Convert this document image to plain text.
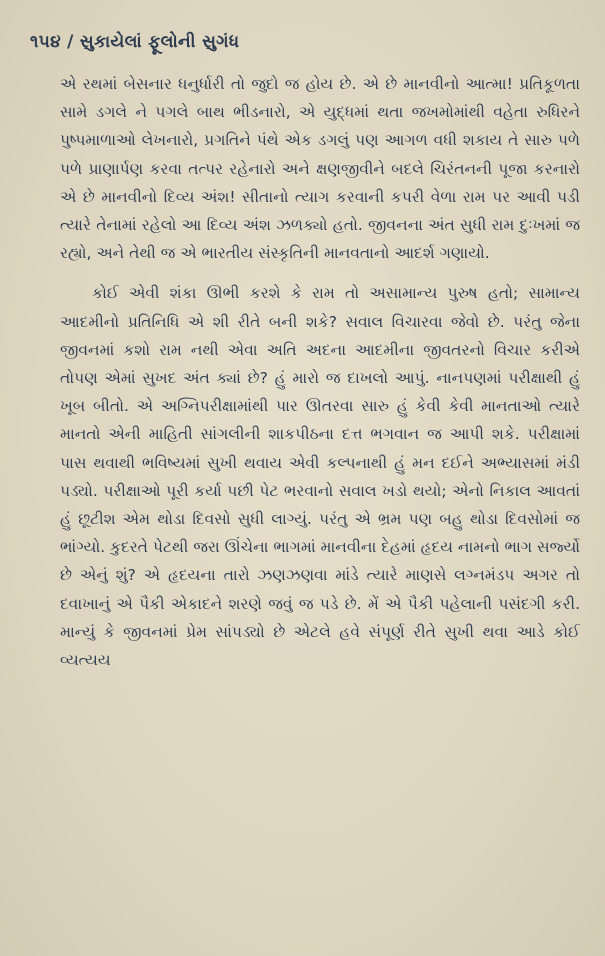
૧૫૪ / સુકાયેલાં ફૂલોની સુગંધ

એ રથમાં બેસનાર ધનુર્ધારી તો જુદો જ હોય છે. એ છે માનવીનો આત્મા! પ્રતિકૂળતા સામે ડગલે ને પગલે બાથ ભીડનારો, એ યુદ્ધમાં થતા જખમોમાંથી વહેતા રુધિરને પુષ્પમાળાઓ લેખનારો, પ્રગતિને પંથે એક ડગલું પણ આગળ વધી શકાય તે સારુ પળે પળે પ્રાણાર્પણ કરવા તત્પર રહેનારો અને ક્ષણજીવીને બદલે ચિરંતનની પૂજા કરનારો એ છે માનવીનો દિવ્ય અંશ! સીતાનો ત્યાગ કરવાની કપરી વેળા રામ પર આવી પડી ત્યારે તેનામાં રહેલો આ દિવ્ય અંશ ઝળક્યો હતો. જીવનના અંત સુધી રામ દુઃખમાં જ રહ્યો, અને તેથી જ એ ભારતીય સંસ્કૃતિની માનવતાનો આદર્શ ગણાયો.

કોઈ એવી શંકા ઊભી કરશે કે રામ તો અસામાન્ય પુરુષ હતો; સામાન્ય આદમીનો પ્રતિનિધિ એ શી રીતે બની શકે? સવાલ વિચારવા જેવો છે. પરંતુ જેના જીવનમાં કશો રામ નથી એવા અતિ અદના આદમીના જીવતરનો વિચાર કરીએ તોપણ એમાં સુખદ અંત ક્યાં છે? હું મારો જ દાખલો આપું. નાનપણમાં પરીક્ષાથી હું ખૂબ બીતો. એ અગ્નિપરીક્ષામાંથી પાર ઊતરવા સારુ હું કેવી કેવી માનતાઓ ત્યારે માનતો એની માહિતી સાંગલીની શાકપીઠના દત્ત ભગવાન જ આપી શકે. પરીક્ષામાં પાસ થવાથી ભવિષ્યમાં સુખી થવાય એવી કલ્પનાથી હું મન દઈને અભ્યાસમાં મંડી પડ્યો. પરીક્ષાઓ પૂરી કર્યા પછી પેટ ભરવાનો સવાલ ખડો થયો; એનો નિકાલ આવતાં હું છૂટીશ એમ થોડા દિવસો સુધી લાગ્યું. પરંતુ એ ભ્રમ પણ બહુ થોડા દિવસોમાં જ ભાંગ્યો. કુદરતે પેટથી જરા ઊંચેના ભાગમાં માનવીના દેહમાં હૃદય નામનો ભાગ સર્જ્યો છે એનું શું? એ હૃદયના તારો ઝણઝણવા માંડે ત્યારે માણસે લગ્નમંડપ અગર તો દવાખાનું એ પૈકી એકાદને શરણે જવું જ પડે છે. મેં એ પૈકી પહેલાની પસંદગી કરી. માન્યું કે જીવનમાં પ્રેમ સાંપડ્યો છે એટલે હવે સંપૂર્ણ રીતે સુખી થવા આડે કોઈ વ્યત્યય
